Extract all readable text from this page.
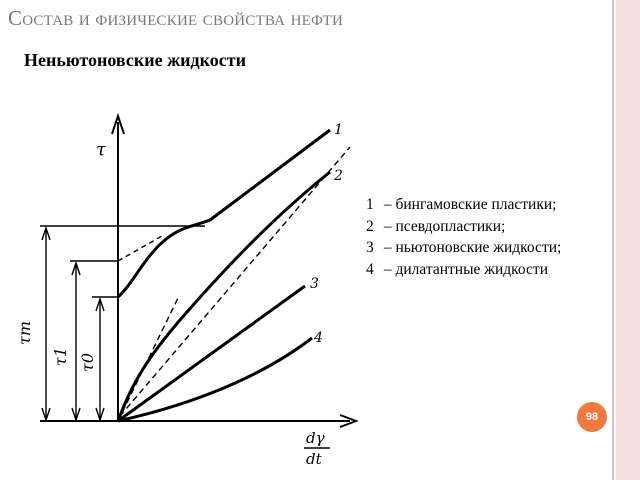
Состав и физические свойства нефти
Неньютоновские жидкости
τ
1
2
3
4
τm
τ1 τ0
dγ
dt
1 – бингамовские пластики;
2 – псевдопластики;
3 – ньютоновские жидкости;
4 – дилатантные жидкости
98
